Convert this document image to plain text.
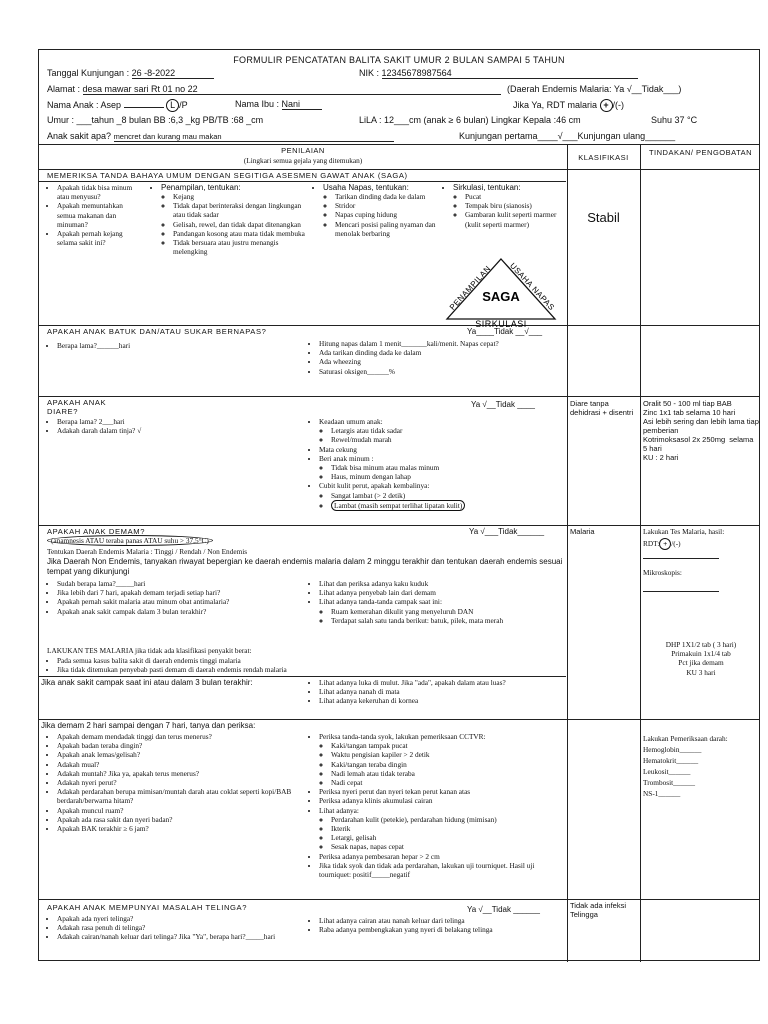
FORMULIR PENCATATAN BALITA SAKIT UMUR 2 BULAN SAMPAI 5 TAHUN
Tanggal Kunjungan : 26 -8-2022	NIK : 12345678987564
Alamat : desa mawar sari Rt 01 no 22	(Daerah Endemis Malaria: Ya √__Tidak___)
Nama Anak : Asep	L /P	Nama Ibu : Nani	Jika Ya, RDT malaria + /(-)
Umur : ___tahun _8 bulan BB :6,3 _kg PB/TB :68 _cm	LiLA : 12___cm (anak ≥ 6 bulan) Lingkar Kepala :46 cm	Suhu 37 °C
Anak sakit apa? mencret dan kurang mau makan	Kunjungan pertama____√___Kunjungan ulang______
PENILAIAN
(Lingkari semua gejala yang ditemukan)	KLASIFIKASI
TINDAKAN/ PENGOBATAN
MEMERIKSA TANDA BAHAYA UMUM DENGAN SEGITIGA ASESMEN GAWAT ANAK (SAGA)
• Apakah tidak bisa minum atau menyusu?
• Apakah memuntahkan semua makanan dan minuman?
• Apakah pernah kejang selama sakit ini?
• Penampilan, tentukan:
◦ Kejang
◦ Tidak dapat berinteraksi dengan lingkungan atau tidak sadar
◦ Gelisah, rewel, dan tidak dapat ditenangkan
◦ Pandangan kosong atau mata tidak membuka
◦ Tidak bersuara atau justru menangis melengking
• Usaha Napas, tentukan:
◦ Tarikan dinding dada ke dalam
◦ Stridor
◦ Napas cuping hidung
◦ Mencari posisi paling nyaman dan menolak berbaring
• Sirkulasi, tentukan:
◦ Pucat
◦ Tempak biru (sianosis)
◦ Gambaran kulit seperti marmer (kulit seperti marmer)	Stabil
PENAMPILAN USAHA NAPAS
SAGA
SIRKULASI
APAKAH ANAK BATUK DAN/ATAU SUKAR BERNAPAS?	Ya____Tidak __√___
• Berapa lama?______hari	• Hitung napas dalam 1 menit_______kali/menit. Napas cepat?
• Ada tarikan dinding dada ke dalam
• Ada wheezing
• Saturasi oksigen______%
APAKAH ANAK DIARE?
Ya √__Tidak ____
• Berapa lama? 2___hari
• Adakah darah dalam tinja? √
• Keadaan umum anak:
◦ Letargis atau tidak sadar
◦ Rewel/mudah marah
• Mata cekung
• Beri anak minum :
◦ Tidak bisa minum atau malas minum
◦ Haus, minum dengan lahap
• Cubit kulit perut, apakah kembalinya:
◦ Sangat lambat (> 2 detik)
◦ Lambat (masih sempat terlihat lipatan kulit)
Diare tanpa dehidrasi + disentri
Oralit 50 - 100 ml tiap BAB
Zinc 1x1 tab selama 10 hari
Asi lebih sering dan lebih lama tiap pemberian
Kotrimoksasol 2x 250mg  selama 5 hari
KU : 2 hari
APAKAH ANAK DEMAM?	Ya √___Tidak______
(anamnesis ATAU teraba panas ATAU suhu > 37,5°C)
Tentukan Daerah Endemis Malaria : Tinggi / Rendah / Non Endemis
Jika Daerah Non Endemis, tanyakan riwayat bepergian ke daerah endemis malaria dalam 2 minggu terakhir dan tentukan daerah endemis sesuai tempat yang dikunjungi
• Sudah berapa lama?_____hari
• Jika lebih dari 7 hari, apakah demam terjadi setiap hari?
• Apakah pernah sakit malaria atau minum obat antimalaria?
• Apakah anak sakit campak dalam 3 bulan terakhir?
• Lihat dan periksa adanya kaku kuduk
• Lihat adanya penyebab lain dari demam
• Lihat adanya tanda-tanda campak saat ini:
◦ Ruam kemerahan dikulit yang menyeluruh DAN
◦ Terdapat salah satu tanda berikut: batuk, pilek, mata merah
LAKUKAN TES MALARIA jika tidak ada klasifikasi penyakit berat:
• Pada semua kasus balita sakit di daerah endemis tinggi malaria
• Jika tidak ditemukan penyebab pasti demam di daerah endemis rendah malaria
Malaria	Lakukan Tes Malaria, hasil:
RDT: + /(-)
Mikroskopis:
DHP 1X1/2 tab ( 3 hari)
Primakuin 1x1/4 tab
Pct jika demam
KU 3 hari
Jika anak sakit campak saat ini atau dalam 3 bulan terakhir:	• Lihat adanya luka di mulut. Jika "ada", apakah dalam atau luas?
• Lihat adanya nanah di mata
• Lihat adanya kekeruhan di kornea
Jika demam 2 hari sampai dengan 7 hari, tanya dan periksa:
• Apakah demam mendadak tinggi dan terus menerus?
• Apakah badan teraba dingin?
• Apakah anak lemas/gelisah?
• Adakah mual?
• Adakah muntah? Jika ya, apakah terus menerus?
• Adakah nyeri perut?
• Adakah perdarahan berupa mimisan/muntah darah atau coklat seperti kopi/BAB berdarah/berwarna hitam?
• Apakah muncul ruam?
• Apakah ada rasa sakit dan nyeri badan?
• Apakah BAK terakhir ≥ 6 jam?
• Periksa tanda-tanda syok, lakukan pemeriksaan CCTVR:
◦ Kaki/tangan tampak pucat
◦ Waktu pengisian kapiler > 2 detik
◦ Kaki/tangan teraba dingin
◦ Nadi lemah atau tidak teraba
◦ Nadi cepat
• Periksa nyeri perut dan nyeri tekan perut kanan atas
• Periksa adanya klinis akumulasi cairan
• Lihat adanya:
◦ Perdarahan kulit (petekie), perdarahan hidung (mimisan)
◦ Ikterik
◦ Letargi, gelisah
◦ Sesak napas, napas cepat
• Periksa adanya pembesaran hepar > 2 cm
• Jika tidak syok dan tidak ada perdarahan, lakukan uji tourniquet. Hasil uji tourniquet: positif_____negatif
Lakukan Pemeriksaan darah:
Hemoglobin______
Hematokrit______
Leukosit______
Trombosit______
NS-1______
APAKAH ANAK MEMPUNYAI MASALAH TELINGA?	Ya √__Tidak ______
• Apakah ada nyeri telinga?
• Adakah rasa penuh di telinga?
• Adakah cairan/nanah keluar dari telinga? Jika "Ya", berapa hari?_____hari
• Lihat adanya cairan atau nanah keluar dari telinga
• Raba adanya pembengkakan yang nyeri di belakang telinga
Tidak ada infeksi Telingga
